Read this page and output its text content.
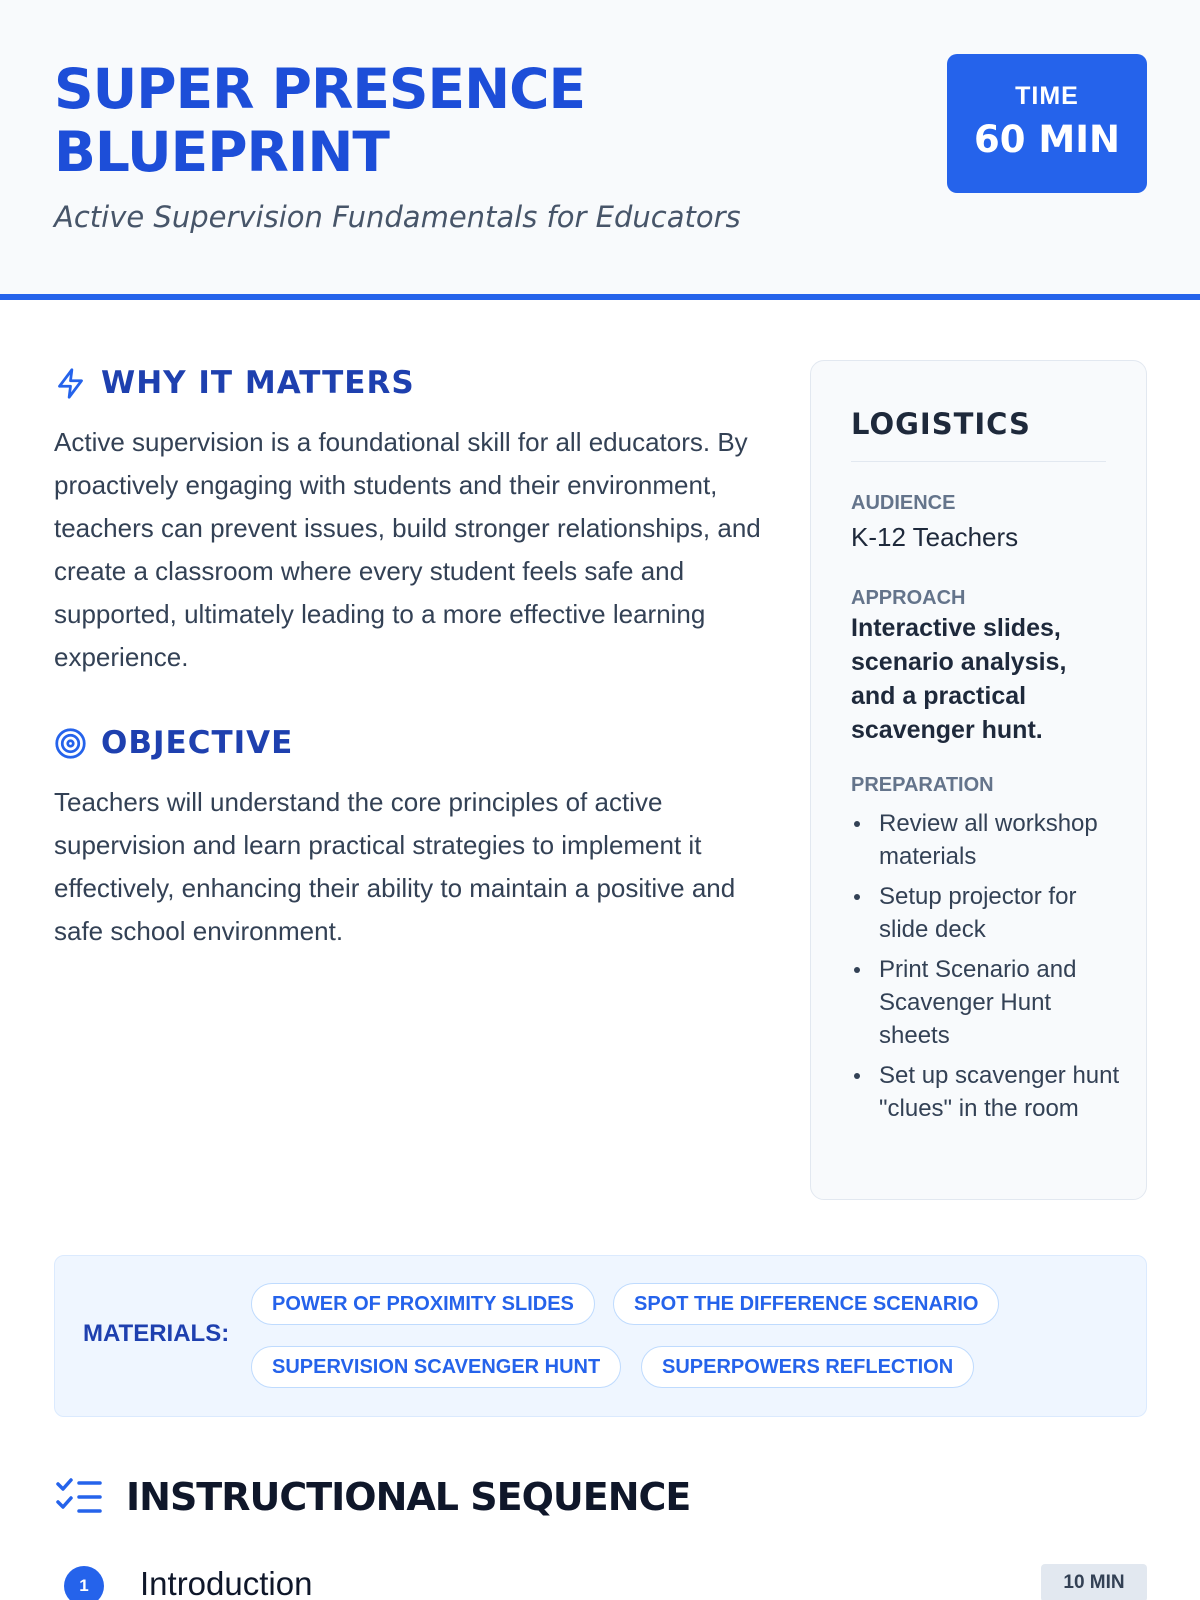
SUPER PRESENCE BLUEPRINT
Active Supervision Fundamentals for Educators
TIME
60 MIN
WHY IT MATTERS

Active supervision is a foundational skill for all educators. By proactively engaging with students and their environment, teachers can prevent issues, build stronger relationships, and create a classroom where every student feels safe and supported, ultimately leading to a more effective learning experience.

OBJECTIVE

Teachers will understand the core principles of active supervision and learn practical strategies to implement it effectively, enhancing their ability to maintain a positive and safe school environment.

LOGISTICS
AUDIENCE
K-12 Teachers
APPROACH
Interactive slides, scenario analysis, and a practical scavenger hunt.
PREPARATION
Review all workshop materials
Setup projector for slide deck
Print Scenario and Scavenger Hunt sheets
Set up scavenger hunt "clues" in the room
MATERIALS:
POWER OF PROXIMITY SLIDES	SPOT THE DIFFERENCE SCENARIO
SUPERVISION SCAVENGER HUNT	SUPERPOWERS REFLECTION
INSTRUCTIONAL SEQUENCE
1	Introduction	10 MIN
